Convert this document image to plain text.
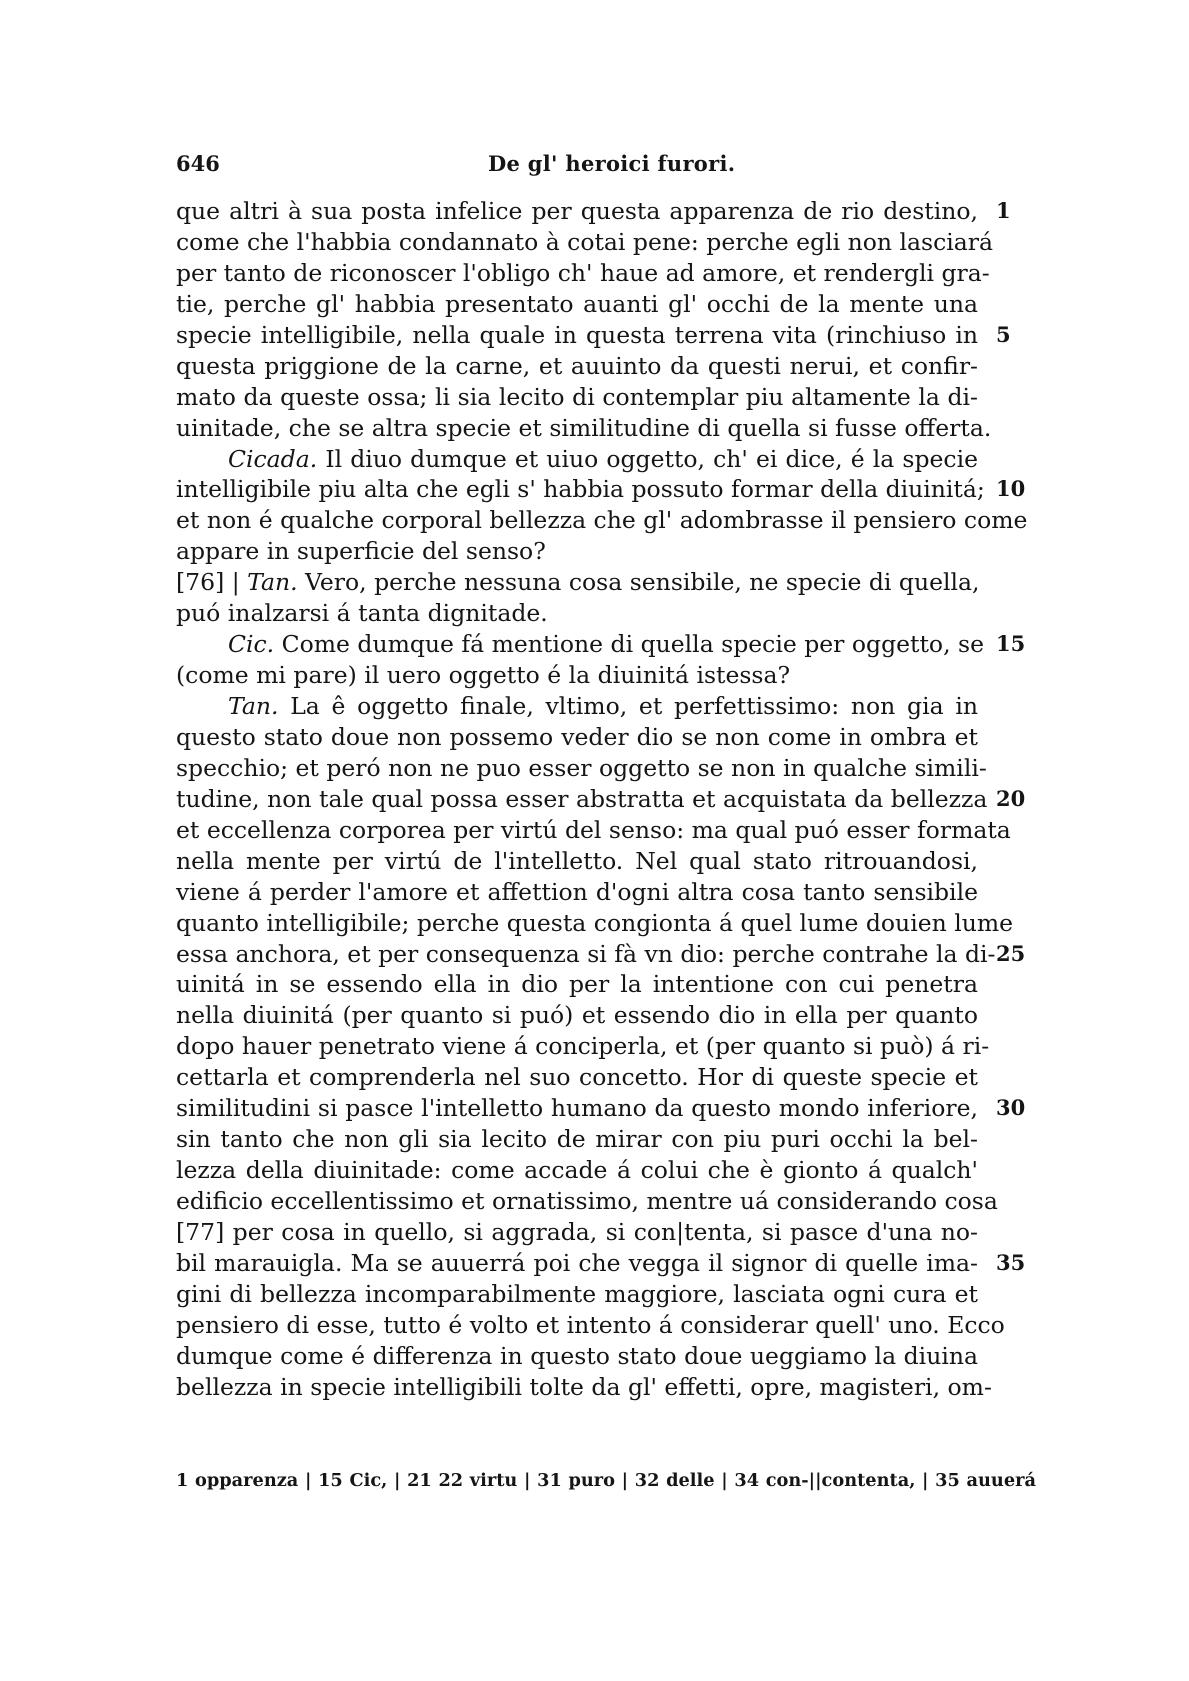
646	De gl' heroici furori.
que altri à sua posta infelice per questa apparenza de rio destino, 1
come che l'habbia condannato à cotai pene: perche egli non lasciará
per tanto de riconoscer l'obligo ch' haue ad amore, et rendergli gra-
tie, perche gl' habbia presentato auanti gl' occhi de la mente una
specie intelligibile, nella quale in questa terrena vita (rinchiuso in 5
questa priggione de la carne, et auuinto da questi nerui, et confir-
mato da queste ossa; li sia lecito di contemplar piu altamente la di-
uinitade, che se altra specie et similitudine di quella si fusse offerta.
Cicada. Il diuo dumque et uiuo oggetto, ch' ei dice, é la specie
intelligibile piu alta che egli s' habbia possuto formar della diuinitá; 10
et non é qualche corporal bellezza che gl' adombrasse il pensiero come
appare in superficie del senso?
[76] | Tan. Vero, perche nessuna cosa sensibile, ne specie di quella,
puó inalzarsi á tanta dignitade.
Cic. Come dumque fá mentione di quella specie per oggetto, se 15
(come mi pare) il uero oggetto é la diuinitá istessa?
Tan. La ê oggetto finale, vltimo, et perfettissimo: non gia in
questo stato doue non possemo veder dio se non come in ombra et
specchio; et peró non ne puo esser oggetto se non in qualche simili-
tudine, non tale qual possa esser abstratta et acquistata da bellezza 20
et eccellenza corporea per virtú del senso: ma qual puó esser formata
nella mente per virtú de l'intelletto. Nel qual stato ritrouandosi,
viene á perder l'amore et affettion d'ogni altra cosa tanto sensibile
quanto intelligibile; perche questa congionta á quel lume douien lume
essa anchora, et per consequenza si fà vn dio: perche contrahe la di- 25
uinitá in se essendo ella in dio per la intentione con cui penetra
nella diuinitá (per quanto si puó) et essendo dio in ella per quanto
dopo hauer penetrato viene á conciperla, et (per quanto si può) á ri-
cettarla et comprenderla nel suo concetto. Hor di queste specie et
similitudini si pasce l'intelletto humano da questo mondo inferiore, 30
sin tanto che non gli sia lecito de mirar con piu puri occhi la bel-
lezza della diuinitade: come accade á colui che è gionto á qualch'
edificio eccellentissimo et ornatissimo, mentre uá considerando cosa
[77] per cosa in quello, si aggrada, si con|tenta, si pasce d'una no-
bil marauigla. Ma se auuerrá poi che vegga il signor di quelle ima- 35
gini di bellezza incomparabilmente maggiore, lasciata ogni cura et
pensiero di esse, tutto é volto et intento á considerar quell' uno. Ecco
dumque come é differenza in questo stato doue ueggiamo la diuina
bellezza in specie intelligibili tolte da gl' effetti, opre, magisteri, om-
1 opparenza | 15 Cic, | 21 22 virtu | 31 puro | 32 delle | 34 con-||contenta, | 35 auuerá
